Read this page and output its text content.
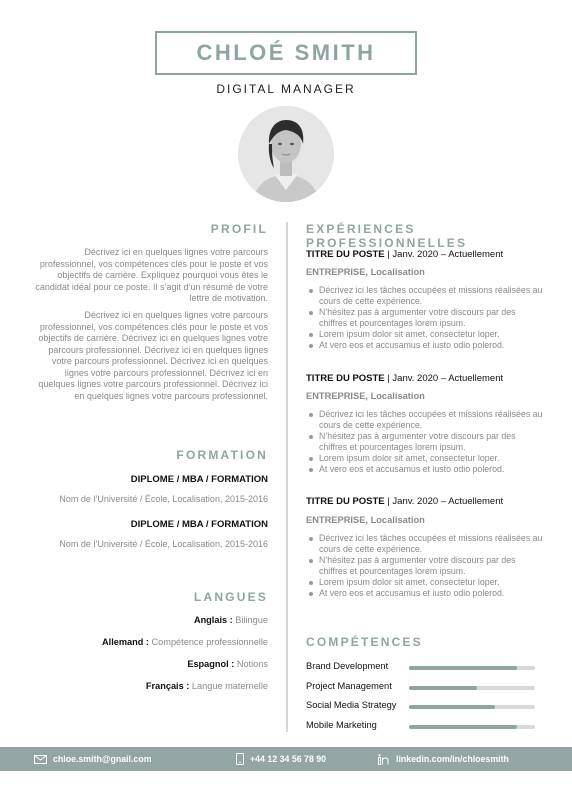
CHLOÉ SMITH
DIGITAL MANAGER
PROFIL
Décrivez ici en quelques lignes votre parcours professionnel, vos compétences clés pour le poste et vos objectifs de carrière. Expliquez pourquoi vous êtes le candidat idéal pour ce poste. Il s’agit d’un résumé de votre lettre de motivation.
Décrivez ici en quelques lignes votre parcours professionnel, vos compétences clés pour le poste et vos objectifs de carrière. Décrivez ici en quelques lignes votre parcours professionnel. Décrivez ici en quelques lignes votre parcours professionnel. Décrivez ici en quelques lignes votre parcours professionnel. Décrivez ici en quelques lignes votre parcours professionnel. Décrivez ici en quelques lignes votre parcours professionnel.
FORMATION
DIPLOME / MBA / FORMATION
Nom de l’Université / École, Localisation, 2015-2016
DIPLOME / MBA / FORMATION
Nom de l’Université / École, Localisation, 2015-2016
LANGUES
Anglais : Bilingue
Allemand : Compétence professionnelle
Espagnol : Notions
Français : Langue maternelle
EXPÉRIENCES PROFESSIONNELLES
TITRE DU POSTE | Janv. 2020 – Actuellement
ENTREPRISE, Localisation
Décrivez ici les tâches occupées et missions réalisées au cours de cette expérience.
N’hésitez pas à argumenter votre discours par des chiffres et pourcentages lorem ipsum.
Lorem ipsum dolor sit amet, consectetur loper.
At vero eos et accusamus et iusto odio polerod.
TITRE DU POSTE | Janv. 2020 – Actuellement
ENTREPRISE, Localisation
Décrivez ici les tâches occupées et missions réalisées au cours de cette expérience.
N’hésitez pas à argumenter votre discours par des chiffres et pourcentages lorem ipsum.
Lorem ipsum dolor sit amet, consectetur loper.
At vero eos et accusamus et iusto odio polerod.
TITRE DU POSTE | Janv. 2020 – Actuellement
ENTREPRISE, Localisation
Décrivez ici les tâches occupées et missions réalisées au cours de cette expérience.
N’hésitez pas à argumenter votre discours par des chiffres et pourcentages lorem ipsum.
Lorem ipsum dolor sit amet, consectetur loper.
At vero eos et accusamus et iusto odio polerod.
COMPÉTENCES
Brand Development
Project Management
Social Media Strategy
Mobile Marketing
chloe.smith@gnail.com	+44 12 34 56 78 90	linkedin.com/in/chloesmith
